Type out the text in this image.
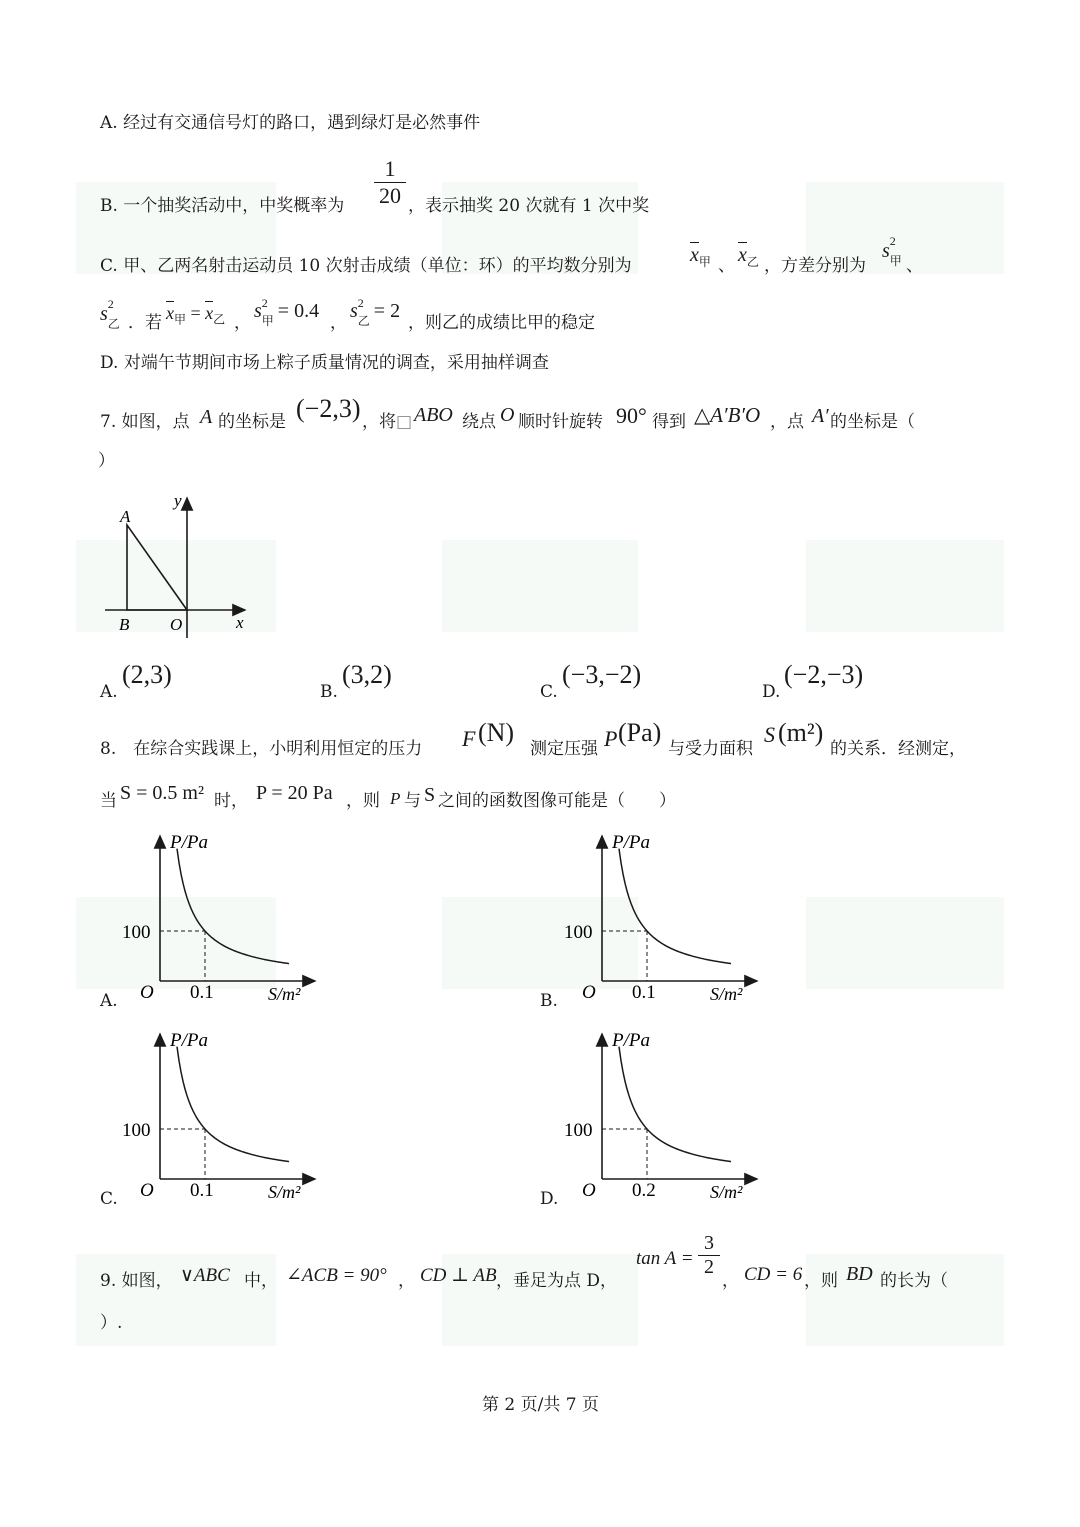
A. 经过有交通信号灯的路口，遇到绿灯是必然事件
B. 一个抽奖活动中，中奖概率为
1
20 ，表示抽奖 20 次就有 1 次中奖
C. 甲、乙两名射击运动员 10 次射击成绩（单位：环）的平均数分别为	$x_甲$ 、 $x_乙$ ，方差分别为
s 2
甲 、
s 2
乙 ．若 $x_甲 = x_乙$ ，
s 2
甲 = 0.4
，
s 2
乙 = 2
，则乙的成绩比甲的稳定
D. 对端午节期间市场上粽子质量情况的调查，采用抽样调查
7. 如图，点 A 的坐标是 (−2,3) ，将 □ ABO 绕点 O 顺时针旋转 90° 得到 △A′B′O ，点 A′ 的坐标是（
）
A
B O	x
y
A.
(2,3)
B.
(3,2)
C.
(−3,−2)
D.
(−2,−3)
8.　在综合实践课上，小明利用恒定的压力 F (N)
测定压强 P (Pa)
与受力面积
S (m²)
的关系．经测定，
当 S = 0.5 m² 时， P = 20 Pa ，则 P 与 S 之间的函数图像可能是（　　）
A.
P/Pa
S/m²
O
100
0.1	B.
P/Pa
S/m²
O
100
0.1
C.
P/Pa
S/m²
O
100
0.1	D.
P/Pa
S/m²
O
100
0.2
9. 如图， ∨ABC 中， ∠ACB = 90° ， CD ⊥ AB ，垂足为点 D，
tan A =
3
2
， CD = 6 ，则 BD 的长为（
）.
第 2 页/共 7 页
